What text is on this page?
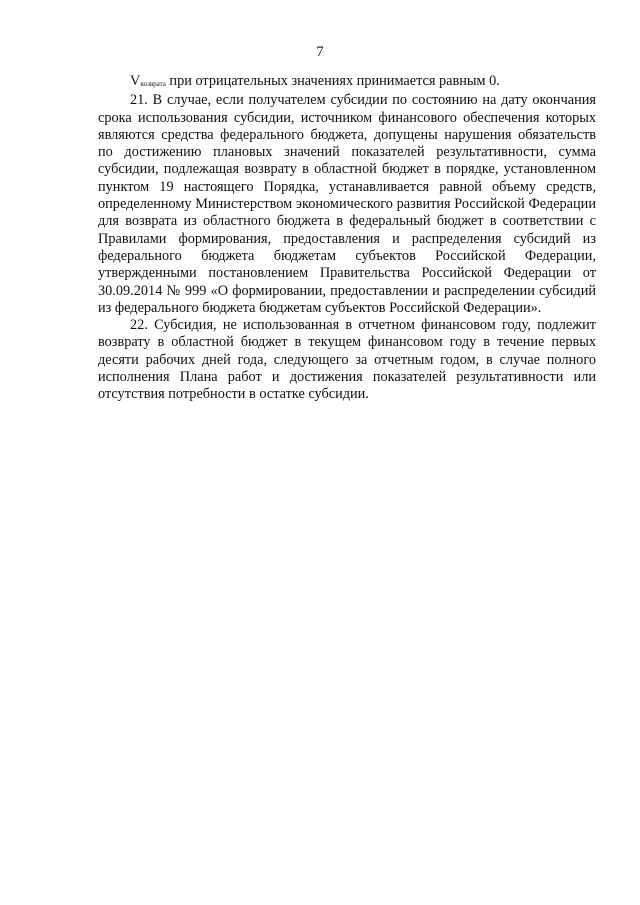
7

$V_{возврата}$ при отрицательных значениях принимается равным 0.

21. В случае, если получателем субсидии по состоянию на дату окончания срока использования субсидии, источником финансового обеспечения которых являются средства федерального бюджета, допущены нарушения обязательств по достижению плановых значений показателей результативности, сумма субсидии, подлежащая возврату в областной бюджет в порядке, установленном пунктом 19 настоящего Порядка, устанавливается равной объему средств, определенному Министерством экономического развития Российской Федерации для возврата из областного бюджета в федеральный бюджет в соответствии с Правилами формирования, предоставления и распределения субсидий из федерального бюджета бюджетам субъектов Российской Федерации, утвержденными постановлением Правительства Российской Федерации от 30.09.2014 № 999 «О формировании, предоставлении и распределении субсидий из федерального бюджета бюджетам субъектов Российской Федерации».

22. Субсидия, не использованная в отчетном финансовом году, подлежит возврату в областной бюджет в текущем финансовом году в течение первых десяти рабочих дней года, следующего за отчетным годом, в случае полного исполнения Плана работ и достижения показателей результативности или отсутствия потребности в остатке субсидии.
